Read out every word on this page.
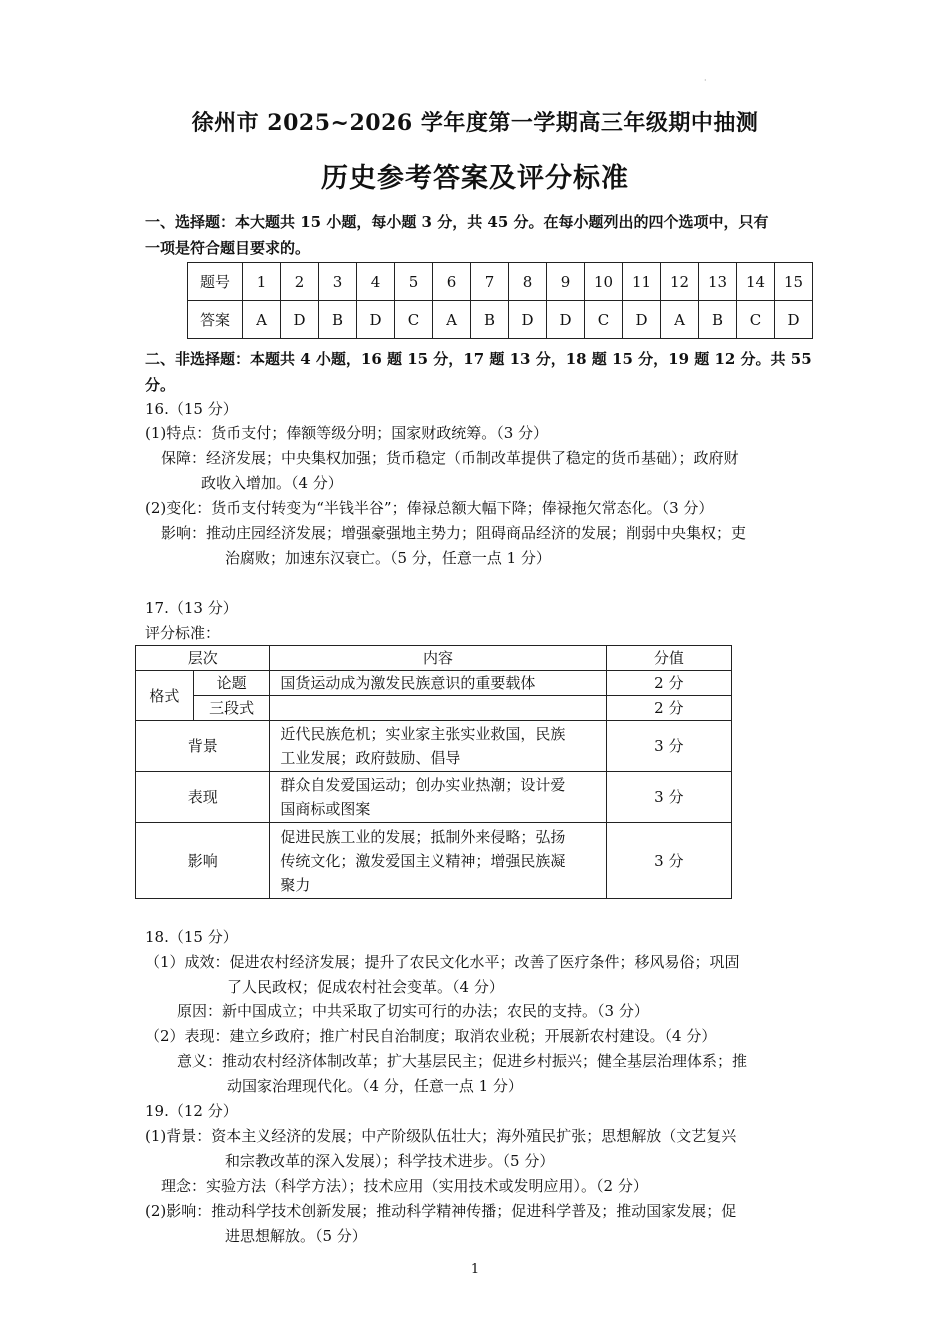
·
徐州市 2025~2026 学年度第一学期高三年级期中抽测
历史参考答案及评分标准
一、选择题：本大题共 15 小题，每小题 3 分，共 45 分。在每小题列出的四个选项中，只有
一项是符合题目要求的。
题号	1	2	3	4	5	6	7	8	9	10	11	12	13	14	15
答案	A	D	B	D	C	A	B	D	D	C	D	A	B	C	D
二、非选择题：本题共 4 小题，16 题 15 分，17 题 13 分，18 题 15 分，19 题 12 分。共 55
分。
16.（15 分）
(1)特点：货币支付；俸额等级分明；国家财政统筹。（3 分）
保障：经济发展；中央集权加强；货币稳定（币制改革提供了稳定的货币基础）；政府财
政收入增加。（4 分）
(2)变化：货币支付转变为“半钱半谷”；俸禄总额大幅下降；俸禄拖欠常态化。（3 分）
影响：推动庄园经济发展；增强豪强地主势力；阻碍商品经济的发展；削弱中央集权；吏
治腐败；加速东汉衰亡。（5 分，任意一点 1 分）
17.（13 分）
评分标准：
层次		内容	分值
格式	论题	国货运动成为激发民族意识的重要载体	2 分
	三段式		2 分
背景		近代民族危机；实业家主张实业救国，民族
工业发展；政府鼓励、倡导	3 分
表现		群众自发爱国运动；创办实业热潮；设计爱
国商标或图案	3 分
影响		促进民族工业的发展；抵制外来侵略；弘扬
传统文化；激发爱国主义精神；增强民族凝
聚力	3 分
18.（15 分）
（1）成效：促进农村经济发展；提升了农民文化水平；改善了医疗条件；移风易俗；巩固
了人民政权；促成农村社会变革。（4 分）
原因：新中国成立；中共采取了切实可行的办法；农民的支持。（3 分）
（2）表现：建立乡政府；推广村民自治制度；取消农业税；开展新农村建设。（4 分）
意义：推动农村经济体制改革；扩大基层民主；促进乡村振兴；健全基层治理体系；推
动国家治理现代化。（4 分，任意一点 1 分）
19.（12 分）
(1)背景：资本主义经济的发展；中产阶级队伍壮大；海外殖民扩张；思想解放（文艺复兴
和宗教改革的深入发展）；科学技术进步。（5 分）
理念：实验方法（科学方法）；技术应用（实用技术或发明应用）。（2 分）
(2)影响：推动科学技术创新发展；推动科学精神传播；促进科学普及；推动国家发展；促
进思想解放。（5 分）
1
